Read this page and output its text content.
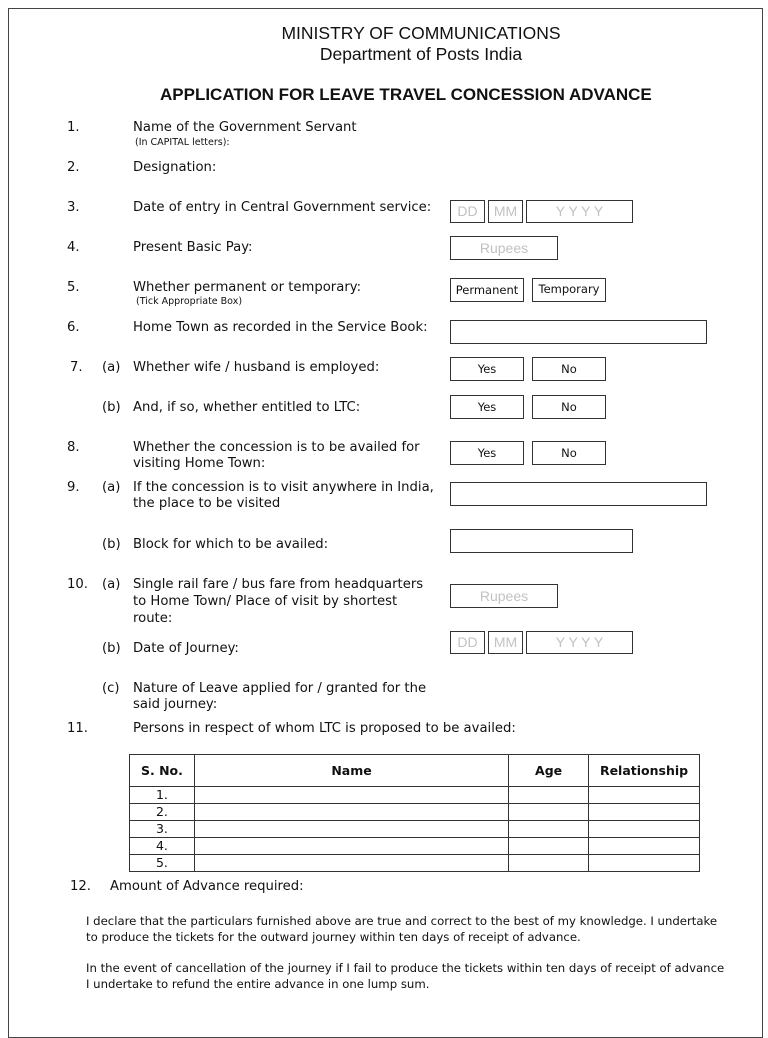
MINISTRY OF COMMUNICATIONS
Department of Posts India
APPLICATION FOR LEAVE TRAVEL CONCESSION ADVANCE
1.	Name of the Government Servant
(In CAPITAL letters):
2.	Designation:
3.	Date of entry in Central Government service:	DD	MM	Y Y Y Y
4.	Present Basic Pay:	Rupees
5.	Whether permanent or temporary:
(Tick Appropriate Box)
Permanent	Temporary
6.	Home Town as recorded in the Service Book:
7. (a) Whether wife / husband is employed:	Yes	No
(b) And, if so, whether entitled to LTC:	Yes	No
8.	Whether the concession is to be availed for
visiting Home Town:
Yes	No
9. (a) If the concession is to visit anywhere in India,
the place to be visited
(b) Block for which to be availed:
10. (a) Single rail fare / bus fare from headquarters
to Home Town/ Place of visit by shortest
route:
Rupees
(b) Date of Journey:	DD	MM	Y Y Y Y
(c) Nature of Leave applied for / granted for the
said journey:
11.	Persons in respect of whom LTC is proposed to be availed:
S. No.	Name	Age	Relationship
1.			
2.			
3.			
4.			
5.			
12. Amount of Advance required:
I declare that the particulars furnished above are true and correct to the best of my knowledge. I undertake
to produce the tickets for the outward journey within ten days of receipt of advance.
In the event of cancellation of the journey if I fail to produce the tickets within ten days of receipt of advance
I undertake to refund the entire advance in one lump sum.
